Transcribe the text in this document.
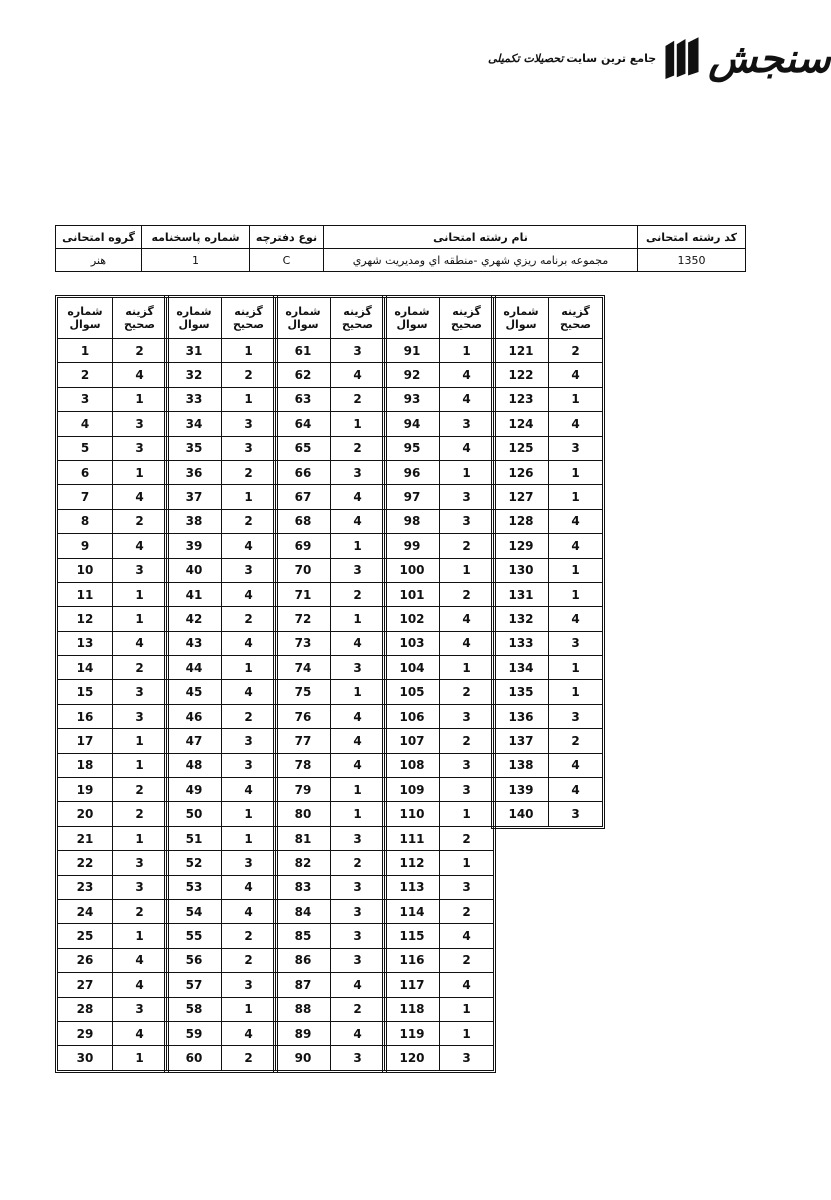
جامع ترین سایت
تحصیلات تکمیلی	سنجش
کد رشته امتحانی	نام رشته امتحانی	نوع دفترچه	شماره پاسخنامه	گروه امتحانی
1350	مجموعه برنامه ریزي شهري -منطقه اي ومديريت شهري	C	1	هنر
شماره سوال	گزینه صحیح
1	2
2	4
3	1
4	3
5	3
6	1
7	4
8	2
9	4
10	3
11	1
12	1
13	4
14	2
15	3
16	3
17	1
18	1
19	2
20	2
21	1
22	3
23	3
24	2
25	1
26	4
27	4
28	3
29	4
30	1
شماره سوال	گزینه صحیح
31	1
32	2
33	1
34	3
35	3
36	2
37	1
38	2
39	4
40	3
41	4
42	2
43	4
44	1
45	4
46	2
47	3
48	3
49	4
50	1
51	1
52	3
53	4
54	4
55	2
56	2
57	3
58	1
59	4
60	2
شماره سوال	گزینه صحیح
61	3
62	4
63	2
64	1
65	2
66	3
67	4
68	4
69	1
70	3
71	2
72	1
73	4
74	3
75	1
76	4
77	4
78	4
79	1
80	1
81	3
82	2
83	3
84	3
85	3
86	3
87	4
88	2
89	4
90	3
شماره سوال	گزینه صحیح
91	1
92	4
93	4
94	3
95	4
96	1
97	3
98	3
99	2
100	1
101	2
102	4
103	4
104	1
105	2
106	3
107	2
108	3
109	3
110	1
111	2
112	1
113	3
114	2
115	4
116	2
117	4
118	1
119	1
120	3
شماره سوال	گزینه صحیح
121	2
122	4
123	1
124	4
125	3
126	1
127	1
128	4
129	4
130	1
131	1
132	4
133	3
134	1
135	1
136	3
137	2
138	4
139	4
140	3
